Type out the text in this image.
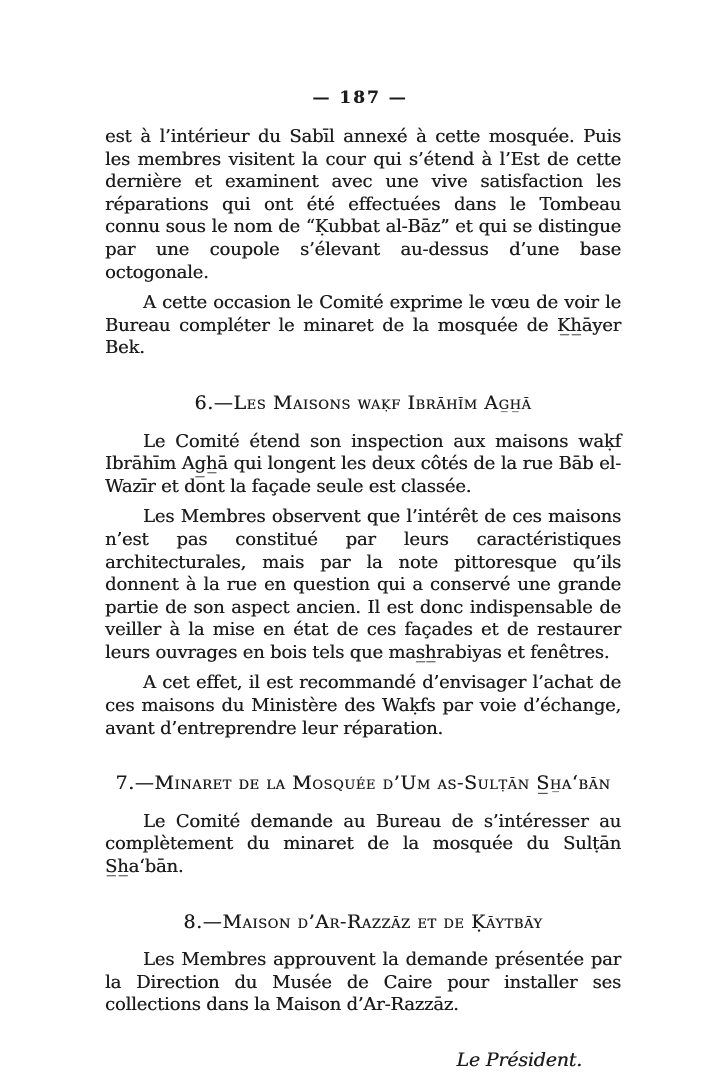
— 187 —

est à l’intérieur du Sabīl annexé à cette mosquée. Puis les membres visitent la cour qui s’étend à l’Est de cette dernière et examinent avec une vive satisfaction les réparations qui ont été effectuées dans le Tombeau connu sous le nom de “Ḳubbat al-Bāz” et qui se distingue par une coupole s’élevant au-dessus d’une base octogonale.

A cette occasion le Comité exprime le vœu de voir le Bureau compléter le minaret de la mosquée de K̲h̲āyer Bek.

6.—Les Maisons waḳf Ibrāhīm Ag̲h̲ā

Le Comité étend son inspection aux maisons waḳf Ibrāhīm Ag̲h̲ā qui longent les deux côtés de la rue Bāb el-Wazīr et dont la façade seule est classée.

Les Membres observent que l’intérêt de ces maisons n’est pas constitué par leurs caractéristiques architecturales, mais par la note pittoresque qu’ils donnent à la rue en question qui a conservé une grande partie de son aspect ancien. Il est donc indispensable de veiller à la mise en état de ces façades et de restaurer leurs ouvrages en bois tels que mas̲h̲rabiyas et fenêtres.

A cet effet, il est recommandé d’envisager l’achat de ces maisons du Ministère des Waḳfs par voie d’échange, avant d’entreprendre leur réparation.

7.—Minaret de la Mosquée d’Um as-Sulṭān S̲h̲a‘bān

Le Comité demande au Bureau de s’intéresser au complètement du minaret de la mosquée du Sulṭān S̲h̲a‘bān.

8.—Maison d’Ar-Razzāz et de Ḳāytbāy

Les Membres approuvent la demande présentée par la Direction du Musée de Caire pour installer ses collections dans la Maison d’Ar-Razzāz.

Le Président.
